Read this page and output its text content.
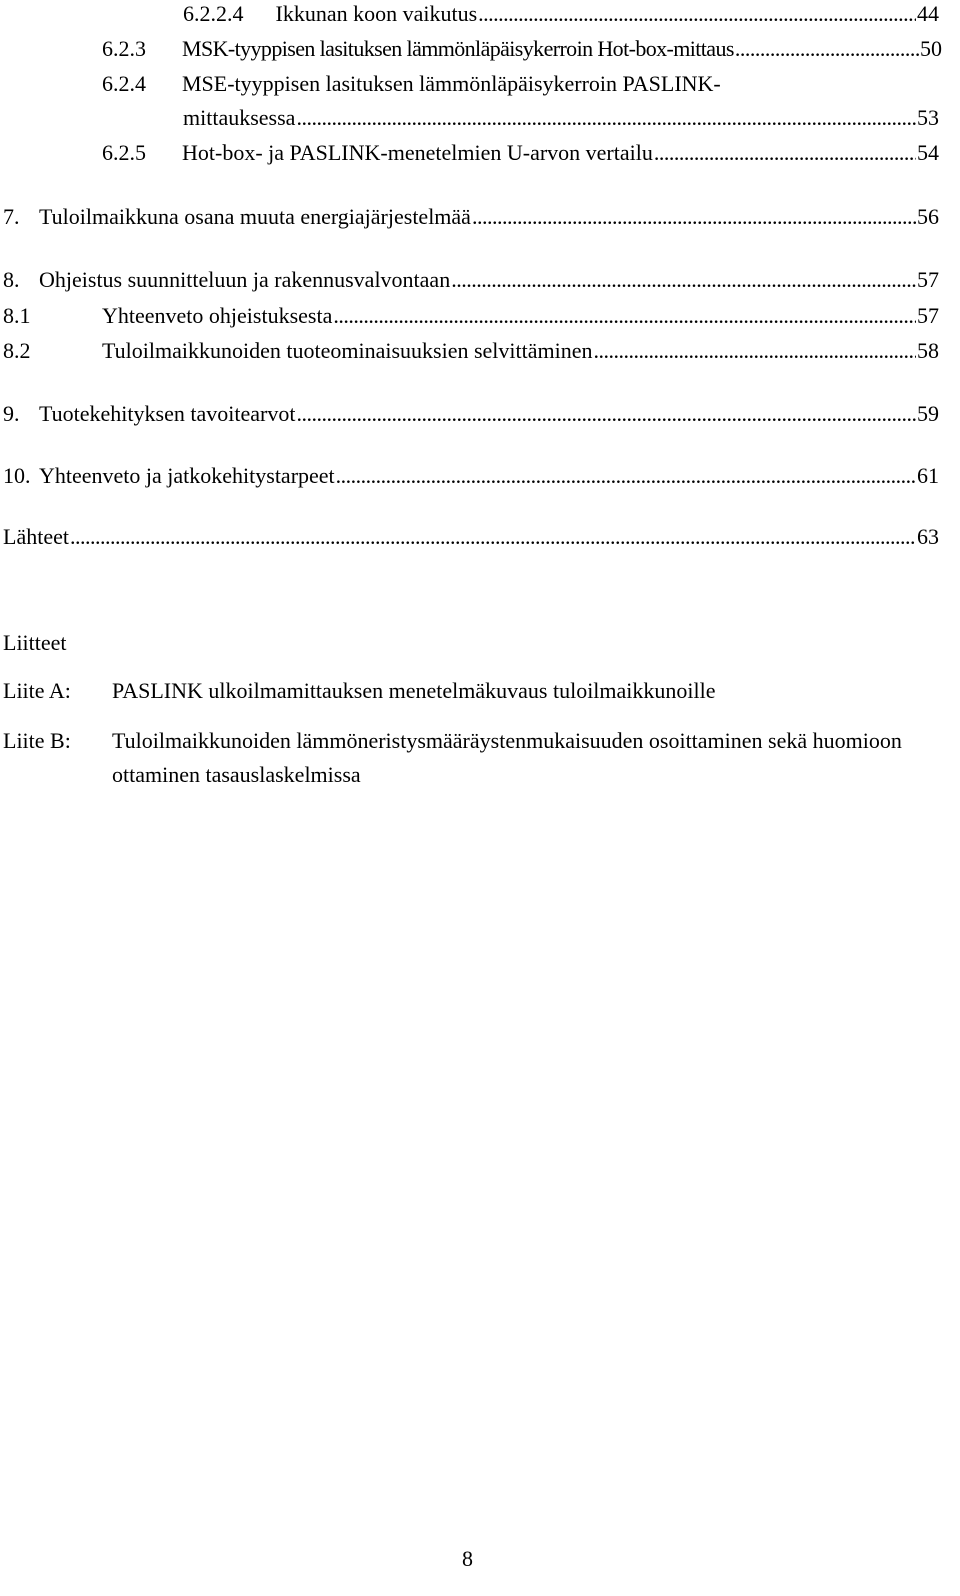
6.2.2.4 Ikkunan koon vaikutus . . .	44
6.2.3	MSK-tyyppisen lasituksen lämmönläpäisykerroin Hot-box-mittaus . . .	50
6.2.4 MSE-tyyppisen lasituksen lämmönläpäisykerroin PASLINK-
mittauksessa . . .	53
6.2.5	Hot-box- ja PASLINK-menetelmien U-arvon vertailu . . .	54
7. Tuloilmaikkuna osana muuta energiajärjestelmää . . .	56
8. Ohjeistus suunnitteluun ja rakennusvalvontaan . . .	57
8.1	Yhteenveto ohjeistuksesta . . .	57
8.2	Tuloilmaikkunoiden tuoteominaisuuksien selvittäminen . . .	58
9. Tuotekehityksen tavoitearvot . . .	59
10. Yhteenveto ja jatkokehitystarpeet . . .	61
Lähteet . . .	63
Liitteet
Liite A: PASLINK ulkoilmamittauksen menetelmäkuvaus tuloilmaikkunoille
Liite B: Tuloilmaikkunoiden lämmöneristysmääräystenmukaisuuden osoittaminen sekä huomioon ottaminen tasauslaskelmissa
8
